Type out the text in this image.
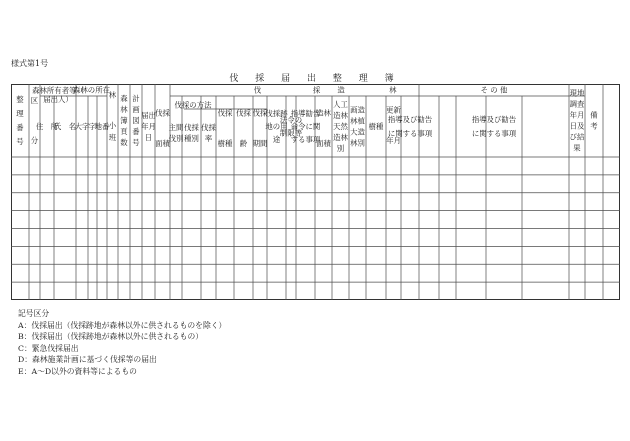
様式第1号
伐 採 届 出 整 理 簿
整理番号
区分
森林所有者等（届出人）
住　所
氏　名
森林の所在
大字 字
地番
林
小班
森林簿頁数
計画図番号
届出年月日
伐　　　　　　　採
伐採
面積
伐採の方法
主間伐別
伐採種別
伐採率
伐採
樹種
伐採
齢
伐採
期間
伐採跡地の用途
法令の制限等
指導勧告命令に関する事項
造　　　　　　林
造林
面積
人工造林天然造林別
画造林植大造林別
樹種
更新
年月
指導及び勧告に関する事項
そ の 他
指導及び勧告に関する事項
現地調査年月日及び結果
備考
記号区分
A：伐採届出（伐採跡地が森林以外に供されるものを除く）
B：伐採届出（伐採跡地が森林以外に供されるもの）
C：緊急伐採届出
D：森林施業計画に基づく伐採等の届出
E：A～D以外の資料等によるもの
